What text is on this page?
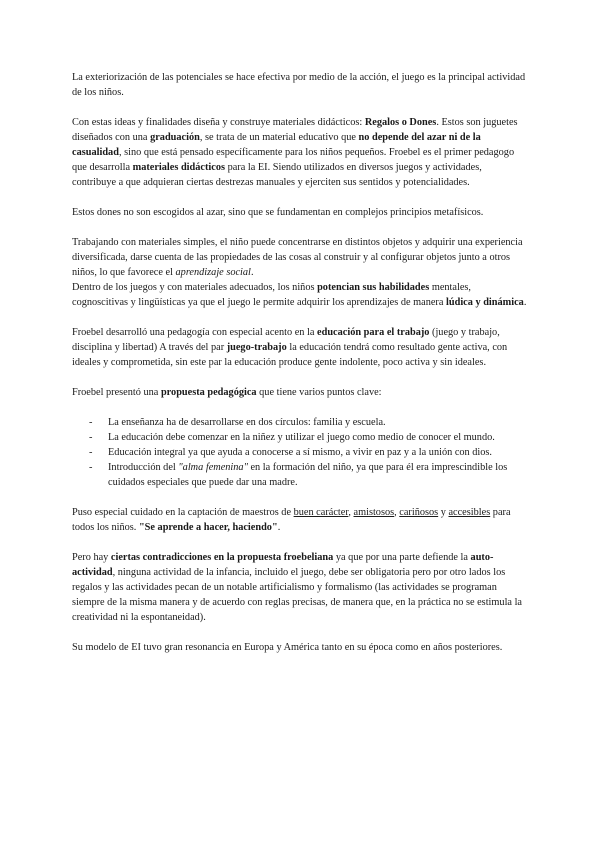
La exteriorización de las potenciales se hace efectiva por medio de la acción, el juego es la principal actividad de los niños.

Con estas ideas y finalidades diseña y construye materiales didácticos: Regalos o Dones. Estos son juguetes diseñados con una graduación, se trata de un material educativo que no depende del azar ni de la casualidad, sino que está pensado específicamente para los niños pequeños. Froebel es el primer pedagogo que desarrolla materiales didácticos para la EI. Siendo utilizados en diversos juegos y actividades, contribuye a que adquieran ciertas destrezas manuales y ejerciten sus sentidos y potencialidades.

Estos dones no son escogidos al azar, sino que se fundamentan en complejos principios metafísicos.

Trabajando con materiales simples, el niño puede concentrarse en distintos objetos y adquirir una experiencia diversificada, darse cuenta de las propiedades de las cosas al construir y al configurar objetos junto a otros niños, lo que favorece el aprendizaje social.

Dentro de los juegos y con materiales adecuados, los niños potencian sus habilidades mentales, cognoscitivas y lingüísticas ya que el juego le permite adquirir los aprendizajes de manera lúdica y dinámica.

Froebel desarrolló una pedagogía con especial acento en la educación para el trabajo (juego y trabajo, disciplina y libertad) A través del par juego-trabajo la educación tendrá como resultado gente activa, con ideales y comprometida, sin este par la educación produce gente indolente, poco activa y sin ideales.

Froebel presentó una propuesta pedagógica que tiene varios puntos clave:

- La enseñanza ha de desarrollarse en dos círculos: familia y escuela.
- La educación debe comenzar en la niñez y utilizar el juego como medio de conocer el mundo.
- Educación integral ya que ayuda a conocerse a sí mismo, a vivir en paz y a la unión con dios.
- Introducción del "alma femenina" en la formación del niño, ya que para él era imprescindible los cuidados especiales que puede dar una madre.

Puso especial cuidado en la captación de maestros de buen carácter, amistosos, cariñosos y accesibles para todos los niños. "Se aprende a hacer, haciendo".

Pero hay ciertas contradicciones en la propuesta froebeliana ya que por una parte defiende la auto-actividad, ninguna actividad de la infancia, incluido el juego, debe ser obligatoria pero por otro lados los regalos y las actividades pecan de un notable artificialismo y formalismo (las actividades se programan siempre de la misma manera y de acuerdo con reglas precisas, de manera que, en la práctica no se estimula la creatividad ni la espontaneidad).

Su modelo de EI tuvo gran resonancia en Europa y América tanto en su época como en años posteriores.
